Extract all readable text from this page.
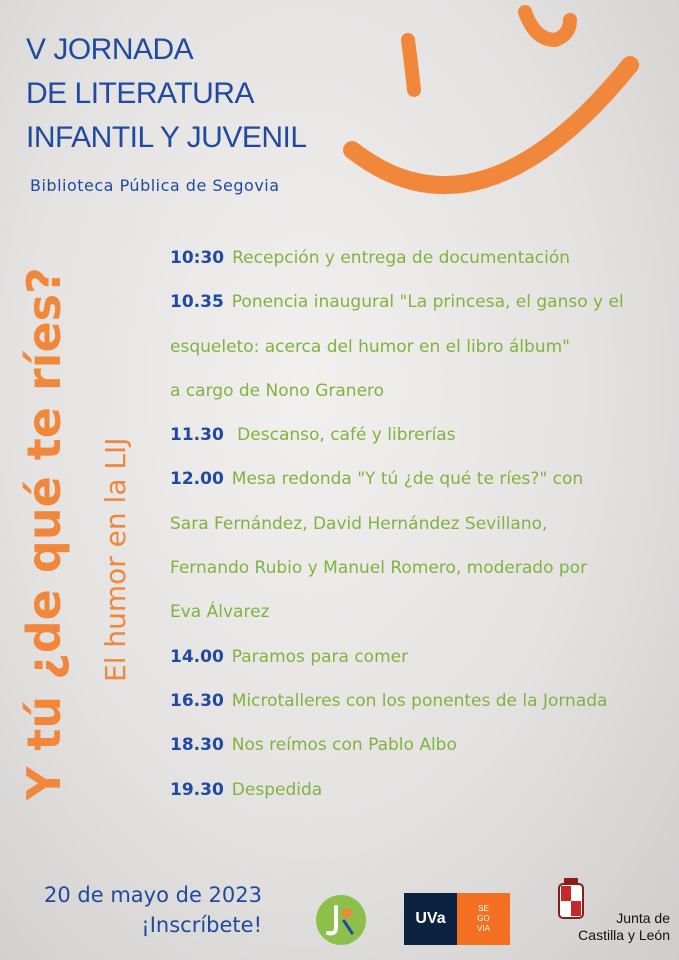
V JORNADA
DE LITERATURA
INFANTIL Y JUVENIL
Biblioteca Pública de Segovia
Y tú ¿de qué te ríes? El humor en la LIJ
10:30 Recepción y entrega de documentación
10.35 Ponencia inaugural "La princesa, el ganso y el
esqueleto: acerca del humor en el libro álbum"
a cargo de Nono Granero
11.30 Descanso, café y librerías
12.00 Mesa redonda "Y tú ¿de qué te ríes?" con
Sara Fernández, David Hernández Sevillano,
Fernando Rubio y Manuel Romero, moderado por
Eva Álvarez
14.00 Paramos para comer
16.30 Microtalleres con los ponentes de la Jornada
18.30 Nos reímos con Pablo Albo
19.30 Despedida
20 de mayo de 2023
¡Inscríbete!	UVa
SE
GO
VIA
Junta de
Castilla y León
